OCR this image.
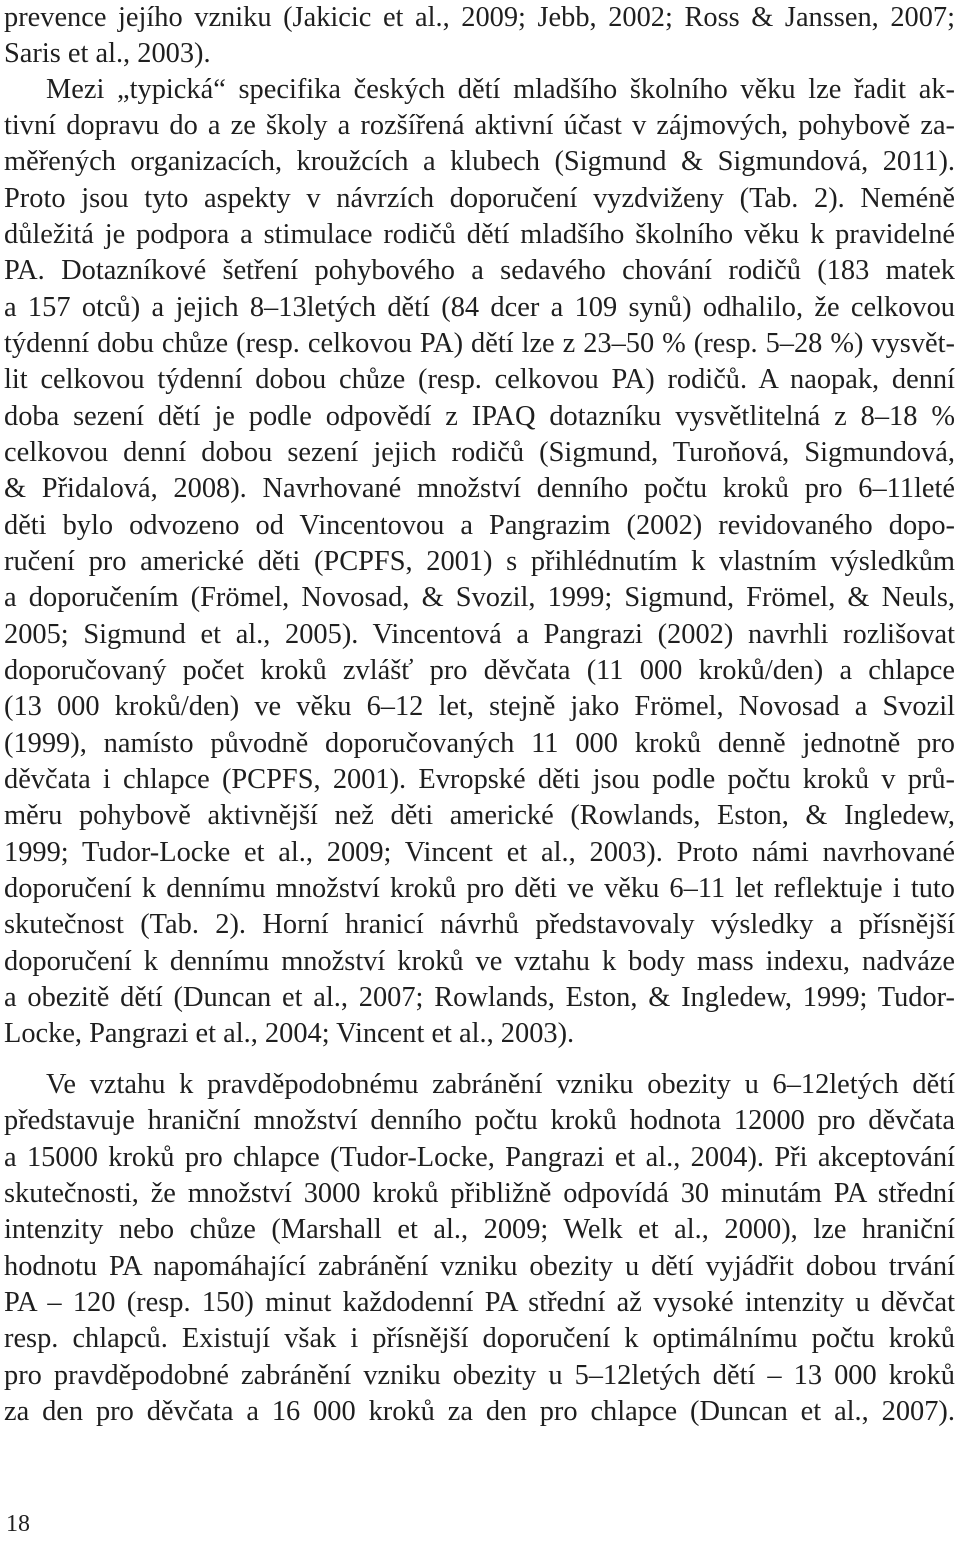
prevence jejího vzniku (Jakicic et al., 2009; Jebb, 2002; Ross & Janssen, 2007;
Saris et al., 2003).
Mezi „typická“ specifika českých dětí mladšího školního věku lze řadit ak-
tivní dopravu do a ze školy a rozšířená aktivní účast v zájmových, pohybově za-
měřených organizacích, kroužcích a klubech (Sigmund & Sigmundová, 2011).
Proto jsou tyto aspekty v návrzích doporučení vyzdviženy (Tab. 2). Neméně
důležitá je podpora a stimulace rodičů dětí mladšího školního věku k pravidelné
PA. Dotazníkové šetření pohybového a sedavého chování rodičů (183 matek
a 157 otců) a jejich 8–13letých dětí (84 dcer a 109 synů) odhalilo, že celkovou
týdenní dobu chůze (resp. celkovou PA) dětí lze z 23–50 % (resp. 5–28 %) vysvět-
lit celkovou týdenní dobou chůze (resp. celkovou PA) rodičů. A naopak, denní
doba sezení dětí je podle odpovědí z IPAQ dotazníku vysvětlitelná z 8–18 %
celkovou denní dobou sezení jejich rodičů (Sigmund, Turoňová, Sigmundová,
& Přidalová, 2008). Navrhované množství denního počtu kroků pro 6–11leté
děti bylo odvozeno od Vincentovou a Pangrazim (2002) revidovaného dopo-
ručení pro americké děti (PCPFS, 2001) s přihlédnutím k vlastním výsledkům
a doporučením (Frömel, Novosad, & Svozil, 1999; Sigmund, Frömel, & Neuls,
2005; Sigmund et al., 2005). Vincentová a Pangrazi (2002) navrhli rozlišovat
doporučovaný počet kroků zvlášť pro děvčata (11 000 kroků/den) a chlapce
(13 000 kroků/den) ve věku 6–12 let, stejně jako Frömel, Novosad a Svozil
(1999), namísto původně doporučovaných 11 000 kroků denně jednotně pro
děvčata i chlapce (PCPFS, 2001). Evropské děti jsou podle počtu kroků v prů-
měru pohybově aktivnější než děti americké (Rowlands, Eston, & Ingledew,
1999; Tudor-Locke et al., 2009; Vincent et al., 2003). Proto námi navrhované
doporučení k dennímu množství kroků pro děti ve věku 6–11 let reflektuje i tuto
skutečnost (Tab. 2). Horní hranicí návrhů představovaly výsledky a přísnější
doporučení k dennímu množství kroků ve vztahu k body mass indexu, nadváze
a obezitě dětí (Duncan et al., 2007; Rowlands, Eston, & Ingledew, 1999; Tudor-
Locke, Pangrazi et al., 2004; Vincent et al., 2003).
Ve vztahu k pravděpodobnému zabránění vzniku obezity u 6–12letých dětí
představuje hraniční množství denního počtu kroků hodnota 12000 pro děvčata
a 15000 kroků pro chlapce (Tudor-Locke, Pangrazi et al., 2004). Při akceptování
skutečnosti, že množství 3000 kroků přibližně odpovídá 30 minutám PA střední
intenzity nebo chůze (Marshall et al., 2009; Welk et al., 2000), lze hraniční
hodnotu PA napomáhající zabránění vzniku obezity u dětí vyjádřit dobou trvání
PA – 120 (resp. 150) minut každodenní PA střední až vysoké intenzity u děvčat
resp. chlapců. Existují však i přísnější doporučení k optimálnímu počtu kroků
pro pravděpodobné zabránění vzniku obezity u 5–12letých dětí – 13 000 kroků
za den pro děvčata a 16 000 kroků za den pro chlapce (Duncan et al., 2007).
18
